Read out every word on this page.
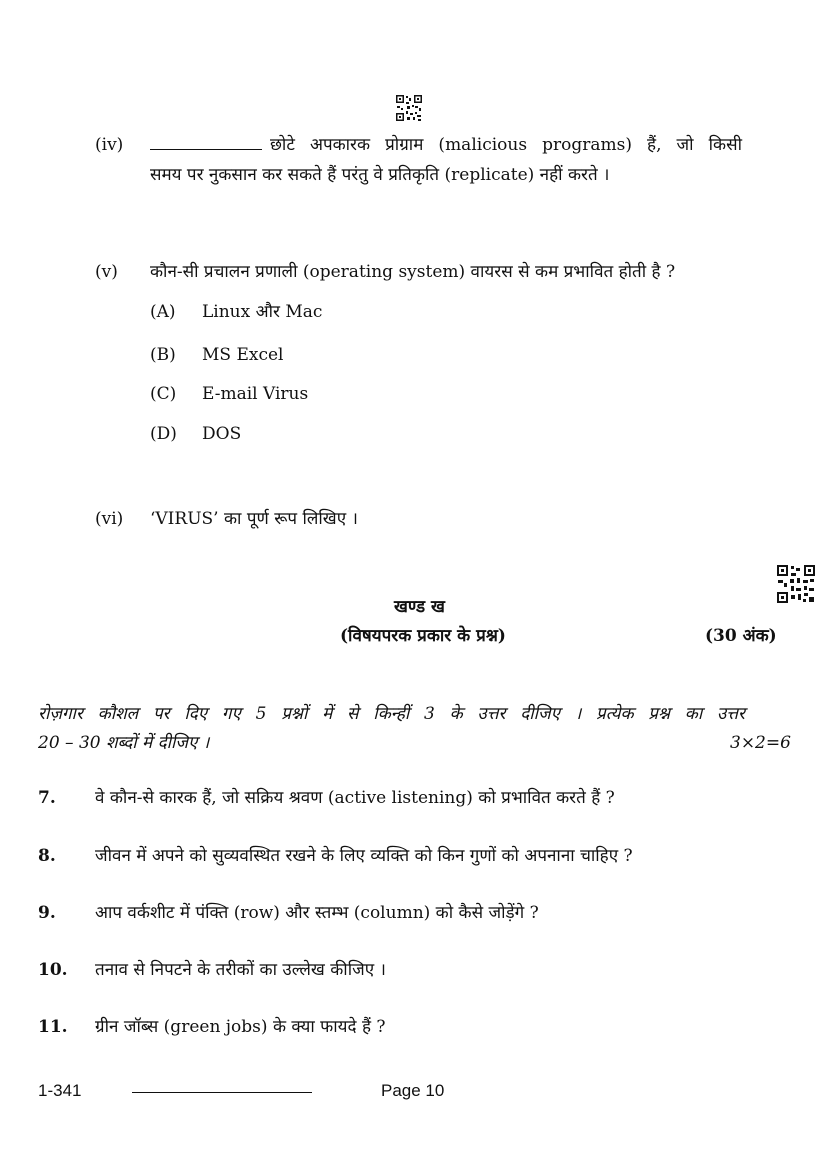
(iv)	छोटे अपकारक प्रोग्राम (malicious programs) हैं, जो किसी
समय पर नुकसान कर सकते हैं परंतु वे प्रतिकृति (replicate) नहीं करते ।
(v) कौन-सी प्रचालन प्रणाली (operating system) वायरस से कम प्रभावित होती है ?
(A) Linux और Mac
(B) MS Excel
(C) E-mail Virus
(D) DOS
(vi) ‘VIRUS’ का पूर्ण रूप लिखिए ।
खण्ड ख
(विषयपरक प्रकार के प्रश्न)	(30 अंक)
रोज़गार कौशल पर दिए गए 5 प्रश्नों में से किन्हीं 3 के उत्तर दीजिए । प्रत्येक प्रश्न का उत्तर
20 – 30 शब्दों में दीजिए ।	3×2=6
7. वे कौन-से कारक हैं, जो सक्रिय श्रवण (active listening) को प्रभावित करते हैं ?
8. जीवन में अपने को सुव्यवस्थित रखने के लिए व्यक्ति को किन गुणों को अपनाना चाहिए ?
9. आप वर्कशीट में पंक्ति (row) और स्तम्भ (column) को कैसे जोड़ेंगे ?
10. तनाव से निपटने के तरीकों का उल्लेख कीजिए ।
11. ग्रीन जॉब्स (green jobs) के क्या फायदे हैं ?
1-341	Page 10
